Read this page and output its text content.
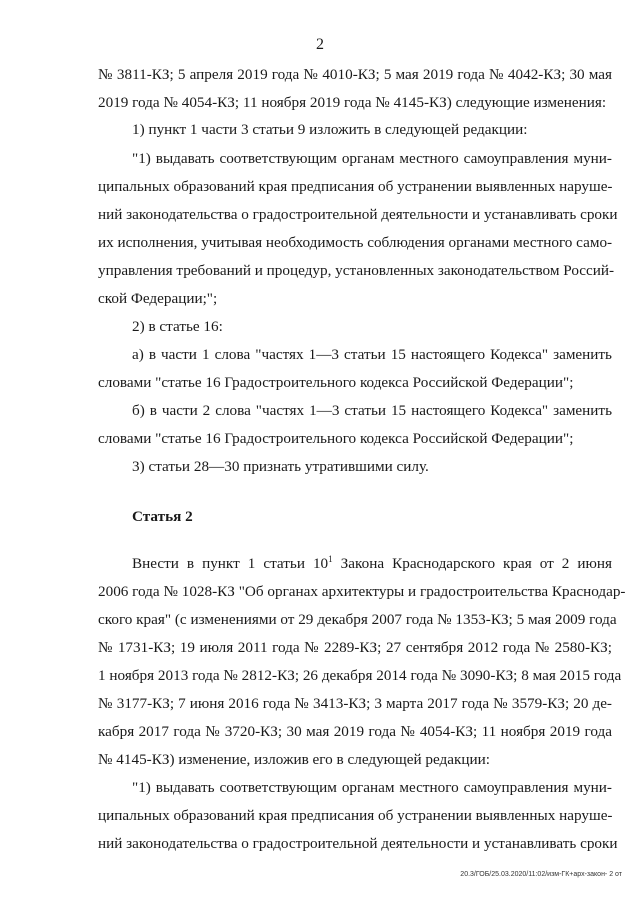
2
№ 3811-КЗ; 5 апреля 2019 года № 4010-КЗ; 5 мая 2019 года № 4042-КЗ; 30 мая
2019 года № 4054-КЗ; 11 ноября 2019 года № 4145-КЗ) следующие изменения:
1) пункт 1 части 3 статьи 9 изложить в следующей редакции:
"1) выдавать соответствующим органам местного самоуправления муни-
ципальных образований края предписания об устранении выявленных наруше-
ний законодательства о градостроительной деятельности и устанавливать сроки
их исполнения, учитывая необходимость соблюдения органами местного само-
управления требований и процедур, установленных законодательством Россий-
ской Федерации;";
2) в статье 16:
а) в части 1 слова "частях 1—3 статьи 15 настоящего Кодекса" заменить
словами "статье 16 Градостроительного кодекса Российской Федерации";
б) в части 2 слова "частях 1—3 статьи 15 настоящего Кодекса" заменить
словами "статье 16 Градостроительного кодекса Российской Федерации";
3) статьи 28—30 признать утратившими силу.
Статья 2
Внести в пункт 1 статьи $10^1$ Закона Краснодарского края от 2 июня
2006 года № 1028-КЗ "Об органах архитектуры и градостроительства Краснодар-
ского края" (с изменениями от 29 декабря 2007 года № 1353-КЗ; 5 мая 2009 года
№ 1731-КЗ; 19 июля 2011 года № 2289-КЗ; 27 сентября 2012 года № 2580-КЗ;
1 ноября 2013 года № 2812-КЗ; 26 декабря 2014 года № 3090-КЗ; 8 мая 2015 года
№ 3177-КЗ; 7 июня 2016 года № 3413-КЗ; 3 марта 2017 года № 3579-КЗ; 20 де-
кабря 2017 года № 3720-КЗ; 30 мая 2019 года № 4054-КЗ; 11 ноября 2019 года
№ 4145-КЗ) изменение, изложив его в следующей редакции:
"1) выдавать соответствующим органам местного самоуправления муни-
ципальных образований края предписания об устранении выявленных наруше-
ний законодательства о градостроительной деятельности и устанавливать сроки
20.3/ГОБ/25.03.2020/11:02/изм-ГК+арх-закон- 2 от
